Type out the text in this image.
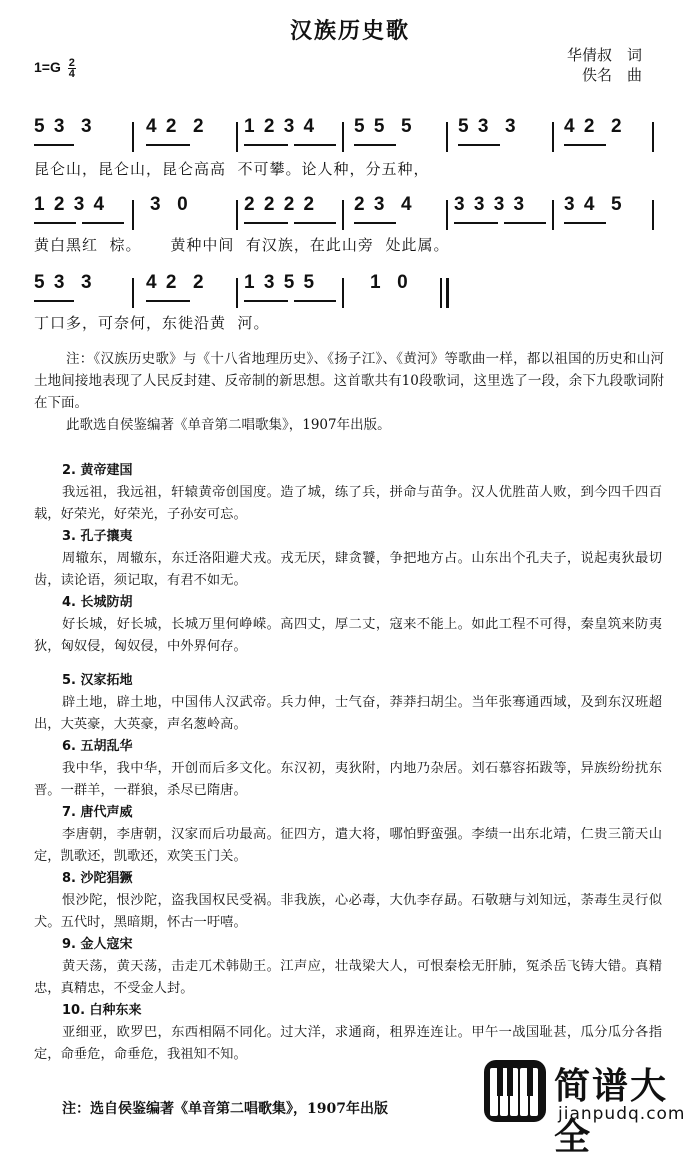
汉族历史歌
$1=G \frac{2}{4}$
华倩叔　词
佚名　曲
5 3  3	4 2  2 1 2 3 4 5 5  5 5 3  3 4 2  2
昆仑山，昆仑山，昆仑高高  不可攀。论人种，分五种，
1 2 3 4 3  0	2 2 2 2 2 3  4 3 3 3 3 3 4  5
黄白黑红  棕。     黄种中间  有汉族，在此山旁  处此属。
5 3  3	4 2  2 1 3 5 5	1  0
丁口多，可奈何，东徙沿黄  河。

注：《汉族历史歌》与《十八省地理历史》、《扬子江》、《黄河》等歌曲一样，都以祖国的历史和山河土地间接地表现了人民反封建、反帝制的新思想。这首歌共有10段歌词，这里选了一段，余下九段歌词附在下面。

此歌选自侯鉴编著《单音第二唱歌集》，1907年出版。

2. 黄帝建国
我远祖，我远祖，轩辕黄帝创国度。造了城，练了兵，拼命与苗争。汉人优胜苗人败，到今四千四百载，好荣光，好荣光，子孙安可忘。
3. 孔子攘夷
周辙东，周辙东，东迁洛阳避犬戎。戎无厌，肆贪饕，争把地方占。山东出个孔夫子，说起夷狄最切齿，读论语，须记取，有君不如无。
4. 长城防胡
好长城，好长城，长城万里何峥嵘。高四丈，厚二丈，寇来不能上。如此工程不可得，秦皇筑来防夷狄，匈奴侵，匈奴侵，中外界何存。
5. 汉家拓地
辟土地，辟土地，中国伟人汉武帝。兵力伸，士气奋，莽莽扫胡尘。当年张骞通西域，及到东汉班超出，大英豪，大英豪，声名葱岭高。
6. 五胡乱华
我中华，我中华，开创而后多文化。东汉初，夷狄附，内地乃杂居。刘石慕容拓跋等，异族纷纷扰东晋。一群羊，一群狼，杀尽已隋唐。
7. 唐代声威
李唐朝，李唐朝，汉家而后功最高。征四方，遣大将，哪怕野蛮强。李绩一出东北靖，仁贵三箭天山定，凯歌还，凯歌还，欢笑玉门关。
8. 沙陀猖獗
恨沙陀，恨沙陀，盗我国权民受祸。非我族，心必毒，大仇李存勗。石敬瑭与刘知远，荼毒生灵行似犬。五代时，黑暗期，怀古一吁嘻。
9. 金人寇宋
黄天荡，黄天荡，击走兀术韩勋王。江声应，壮哉梁大人，可恨秦桧无肝肺，冤杀岳飞铸大错。真精忠，真精忠，不受金人封。
10. 白种东来
亚细亚，欧罗巴，东西相隔不同化。过大洋，求通商，租界连连让。甲午一战国耻甚，瓜分瓜分各指定，命垂危，命垂危，我祖知不知。
注：选自侯鉴编著《单音第二唱歌集》，1907年出版
简谱大全
jianpudq.com
